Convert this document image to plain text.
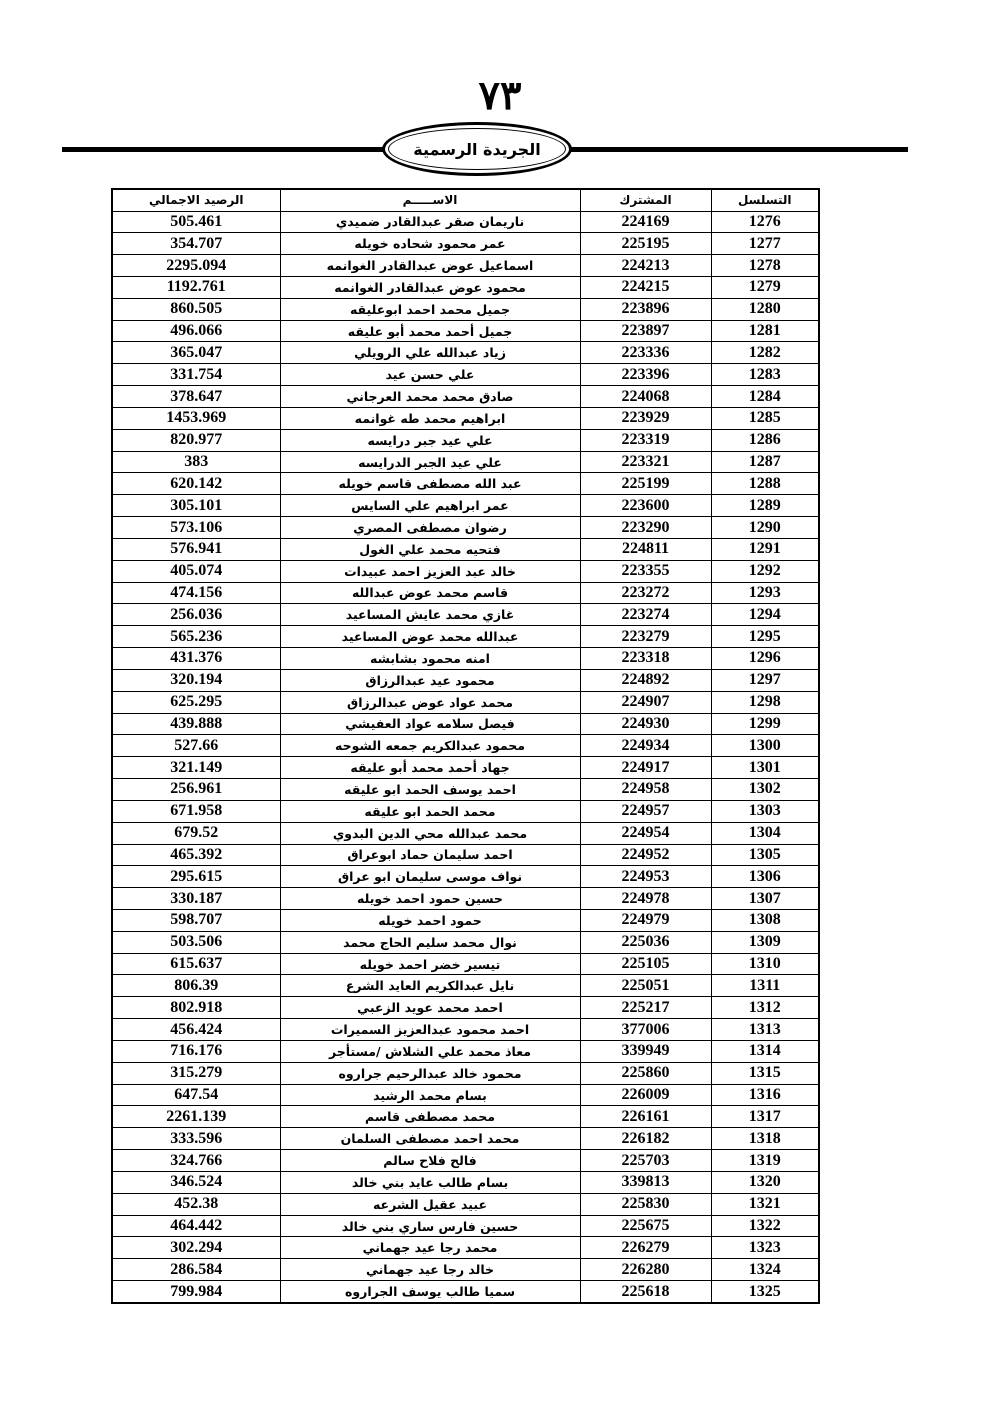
٧٣
الجريدة الرسمية
التسلسل	المشترك	الاســـــم	الرصيد الاجمالي
1276	224169	ناريمان صقر عبدالقادر ضميدي	505.461
1277	225195	عمر محمود شحاده خويله	354.707
1278	224213	اسماعيل عوض عبدالقادر الغوانمه	2295.094
1279	224215	محمود عوض عبدالقادر الغوانمه	1192.761
1280	223896	جميل محمد احمد ابوعليقه	860.505
1281	223897	جميل أحمد محمد أبو عليقه	496.066
1282	223336	زياد عبدالله علي الرويلي	365.047
1283	223396	علي حسن عيد	331.754
1284	224068	صادق محمد محمد العرجاني	378.647
1285	223929	ابراهيم محمد طه غوانمه	1453.969
1286	223319	علي عيد جبر درايسه	820.977
1287	223321	علي عيد الجبر الدرايسه	383
1288	225199	عبد الله مصطفى قاسم خويله	620.142
1289	223600	عمر ابراهيم علي السايس	305.101
1290	223290	رضوان مصطفى المصري	573.106
1291	224811	فتحيه محمد علي الغول	576.941
1292	223355	خالد عبد العزيز احمد عبيدات	405.074
1293	223272	قاسم محمد عوض عبدالله	474.156
1294	223274	غازي محمد عايش المساعيد	256.036
1295	223279	عبدالله محمد عوض المساعيد	565.236
1296	223318	امنه محمود بشابشه	431.376
1297	224892	محمود عيد عبدالرزاق	320.194
1298	224907	محمد عواد عوض عبدالرزاق	625.295
1299	224930	فيصل سلامه عواد العفيشي	439.888
1300	224934	محمود عبدالكريم جمعه الشوحه	527.66
1301	224917	جهاد أحمد محمد أبو عليقه	321.149
1302	224958	احمد يوسف الحمد ابو عليقه	256.961
1303	224957	محمد الحمد ابو عليقه	671.958
1304	224954	محمد عبدالله محي الدين البدوي	679.52
1305	224952	احمد سليمان حماد ابوعراق	465.392
1306	224953	نواف موسى سليمان ابو عراق	295.615
1307	224978	حسين حمود احمد خويله	330.187
1308	224979	حمود احمد خويله	598.707
1309	225036	نوال محمد سليم الحاج محمد	503.506
1310	225105	تيسير خضر احمد خويله	615.637
1311	225051	نايل عبدالكريم العايد الشرع	806.39
1312	225217	احمد محمد عويد الزعبي	802.918
1313	377006	احمد محمود عبدالعزيز السميرات	456.424
1314	339949	معاذ محمد علي الشلاش /مستأجر	716.176
1315	225860	محمود خالد عبدالرحيم جراروه	315.279
1316	226009	بسام محمد الرشيد	647.54
1317	226161	محمد مصطفى قاسم	2261.139
1318	226182	محمد احمد مصطفى السلمان	333.596
1319	225703	فالح فلاح سالم	324.766
1320	339813	بسام طالب عايد بني خالد	346.524
1321	225830	عبيد عقيل الشرعه	452.38
1322	225675	حسين فارس ساري بني خالد	464.442
1323	226279	محمد رجا عيد جهماني	302.294
1324	226280	خالد رجا عيد جهماني	286.584
1325	225618	سميا طالب يوسف الجراروه	799.984
